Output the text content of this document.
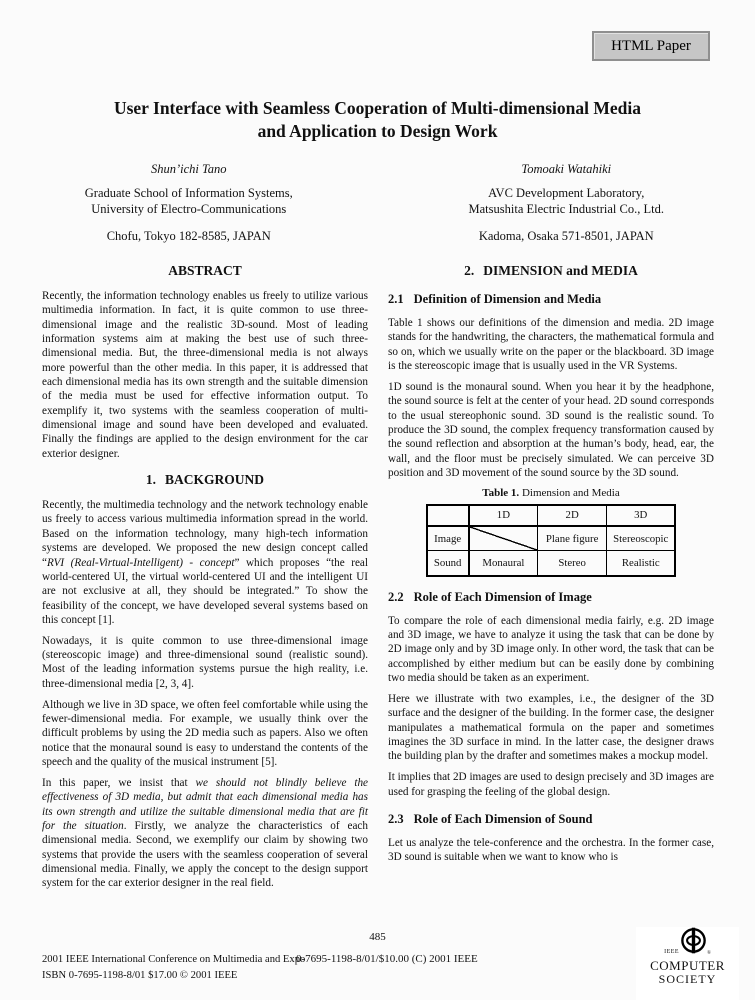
HTML Paper
User Interface with Seamless Cooperation of Multi-dimensional Media
and Application to Design Work
Shun’ichi Tano
Graduate School of Information Systems,
University of Electro-Communications
Chofu, Tokyo 182-8585, JAPAN
Tomoaki Watahiki
AVC Development Laboratory,
Matsushita Electric Industrial Co., Ltd.
Kadoma, Osaka 571-8501, JAPAN
ABSTRACT

Recently, the information technology enables us freely to utilize various multimedia information. In fact, it is quite common to use three-dimensional image and the realistic 3D-sound. Most of leading information systems aim at making the best use of such three-dimensional media. But, the three-dimensional media is not always more powerful than the other media. In this paper, it is addressed that each dimensional media has its own strength and the suitable dimension of the media must be used for effective information output. To exemplify it, two systems with the seamless cooperation of multi-dimensional image and sound have been developed and evaluated. Finally the findings are applied to the design environment for the car exterior designer.

1. BACKGROUND

Recently, the multimedia technology and the network technology enable us freely to access various multimedia information spread in the world. Based on the information technology, many high-tech information systems are developed. We proposed the new design concept called “RVI (Real-Virtual-Intelligent) - concept” which proposes “the real world-centered UI, the virtual world-centered UI and the intelligent UI are not exclusive at all, they should be integrated.” To show the feasibility of the concept, we have developed several systems based on this concept [1].

Nowadays, it is quite common to use three-dimensional image (stereoscopic image) and three-dimensional sound (realistic sound). Most of the leading information systems pursue the high reality, i.e. three-dimensional media [2, 3, 4].

Although we live in 3D space, we often feel comfortable while using the fewer-dimensional media. For example, we usually think over the difficult problems by using the 2D media such as papers. Also we often notice that the monaural sound is easy to understand the contents of the speech and the quality of the musical instrument [5].

In this paper, we insist that we should not blindly believe the effectiveness of 3D media, but admit that each dimensional media has its own strength and utilize the suitable dimensional media that are fit for the situation. Firstly, we analyze the characteristics of each dimensional media. Second, we exemplify our claim by showing two systems that provide the users with the seamless cooperation of several dimensional media. Finally, we apply the concept to the design support system for the car exterior designer in the real field.

2. DIMENSION and MEDIA
2.1 Definition of Dimension and Media

Table 1 shows our definitions of the dimension and media. 2D image stands for the handwriting, the characters, the mathematical formula and so on, which we usually write on the paper or the blackboard. 3D image is the stereoscopic image that is usually used in the VR Systems.

1D sound is the monaural sound. When you hear it by the headphone, the sound source is felt at the center of your head. 2D sound corresponds to the usual stereophonic sound. 3D sound is the realistic sound. To produce the 3D sound, the complex frequency transformation caused by the sound reflection and absorption at the human’s body, head, ear, the wall, and the floor must be precisely simulated. We can perceive 3D position and 3D movement of the sound source by the 3D sound.

Table 1. Dimension and Media
	1D	2D	3D
Image		Plane figure	Stereoscopic
Sound	Monaural	Stereo	Realistic
2.2 Role of Each Dimension of Image

To compare the role of each dimensional media fairly, e.g. 2D image and 3D image, we have to analyze it using the task that can be done by 2D image only and by 3D image only. In other word, the task that can be accomplished by either medium but can be easily done by combining two media should be taken as an experiment.

Here we illustrate with two examples, i.e., the designer of the 3D surface and the designer of the building. In the former case, the designer manipulates a mathematical formula on the paper and sometimes imagines the 3D surface in mind. In the latter case, the designer draws the building plan by the drafter and sometimes makes a mockup model.

It implies that 2D images are used to design precisely and 3D images are used for grasping the feeling of the global design.

2.3 Role of Each Dimension of Sound

Let us analyze the tele-conference and the orchestra. In the former case, 3D sound is suitable when we want to know who is

485
0-7695-1198-8/01/$10.00 (C) 2001 IEEE
2001 IEEE International Conference on Multimedia and Expo
ISBN 0-7695-1198-8/01 $17.00 © 2001 IEEE
IEEE	®
COMPUTER
SOCIETY
